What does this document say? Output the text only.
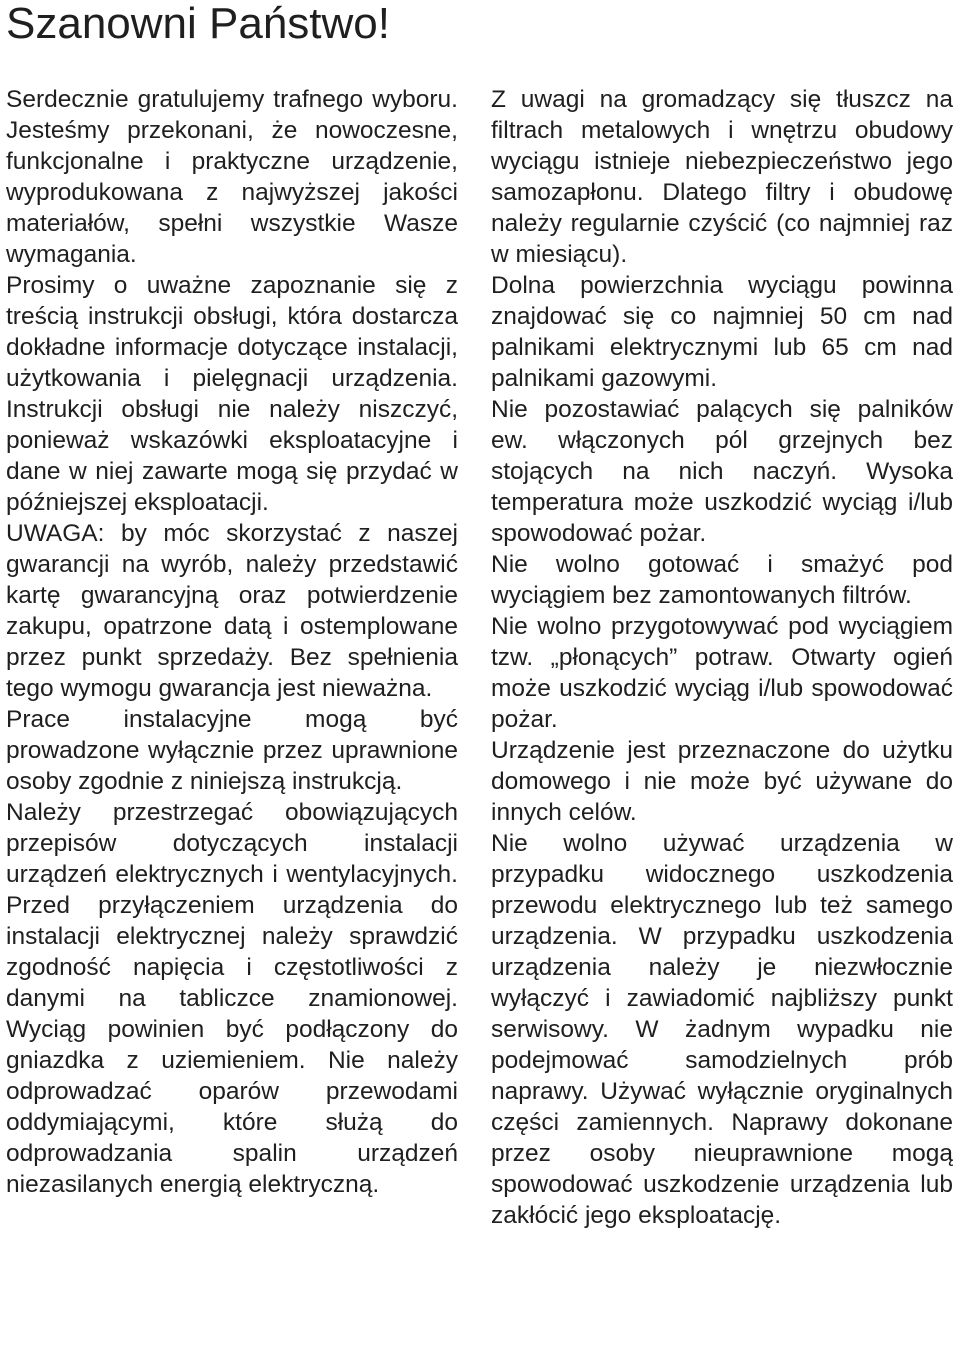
Szanowni Państwo!

Serdecznie gratulujemy trafnego wyboru. Jesteśmy przekonani, że nowoczesne, funkcjonalne i praktyczne urządzenie, wyprodukowana z najwyższej jakości materiałów, spełni wszystkie Wasze wymagania.

Prosimy o uważne zapoznanie się z treścią instrukcji obsługi, która dostarcza dokładne informacje dotyczące instalacji, użytkowania i pielęgnacji urządzenia. Instrukcji obsługi nie należy niszczyć, ponieważ wskazówki eksploatacyjne i dane w niej zawarte mogą się przydać w późniejszej eksploatacji.

UWAGA: by móc skorzystać z naszej gwarancji na wyrób, należy przedstawić kartę gwarancyjną oraz potwierdzenie zakupu, opatrzone datą i ostemplowane przez punkt sprzedaży. Bez spełnienia tego wymogu gwarancja jest nieważna.

Prace instalacyjne mogą być prowadzone wyłącznie przez uprawnione osoby zgodnie z niniejszą instrukcją.

Należy przestrzegać obowiązujących przepisów dotyczących instalacji urządzeń elektrycznych i wentylacyjnych. Przed przyłączeniem urządzenia do instalacji elektrycznej należy sprawdzić zgodność napięcia i częstotliwości z danymi na tabliczce znamionowej. Wyciąg powinien być podłączony do gniazdka z uziemieniem. Nie należy odprowadzać oparów przewodami oddymiającymi, które służą do odprowadzania spalin urządzeń niezasilanych energią elektryczną.

Z uwagi na gromadzący się tłuszcz na filtrach metalowych i wnętrzu obudowy wyciągu istnieje niebezpieczeństwo jego samozapłonu. Dlatego filtry i obudowę należy regularnie czyścić (co najmniej raz w miesiącu).

Dolna powierzchnia wyciągu powinna znajdować się co najmniej 50 cm nad palnikami elektrycznymi lub 65 cm nad palnikami gazowymi.

Nie pozostawiać palących się palników ew. włączonych pól grzejnych bez stojących na nich naczyń. Wysoka temperatura może uszkodzić wyciąg i/lub spowodować pożar.

Nie wolno gotować i smażyć pod wyciągiem bez zamontowanych filtrów.

Nie wolno przygotowywać pod wyciągiem tzw. „płonących” potraw. Otwarty ogień może uszkodzić wyciąg i/lub spowodować pożar.

Urządzenie jest przeznaczone do użytku domowego i nie może być używane do innych celów.

Nie wolno używać urządzenia w przypadku widocznego uszkodzenia przewodu elektrycznego lub też samego urządzenia. W przypadku uszkodzenia urządzenia należy je niezwłocznie wyłączyć i zawiadomić najbliższy punkt serwisowy. W żadnym wypadku nie podejmować samodzielnych prób naprawy. Używać wyłącznie oryginalnych części zamiennych. Naprawy dokonane przez osoby nieuprawnione mogą spowodować uszkodzenie urządzenia lub zakłócić jego eksploatację.
